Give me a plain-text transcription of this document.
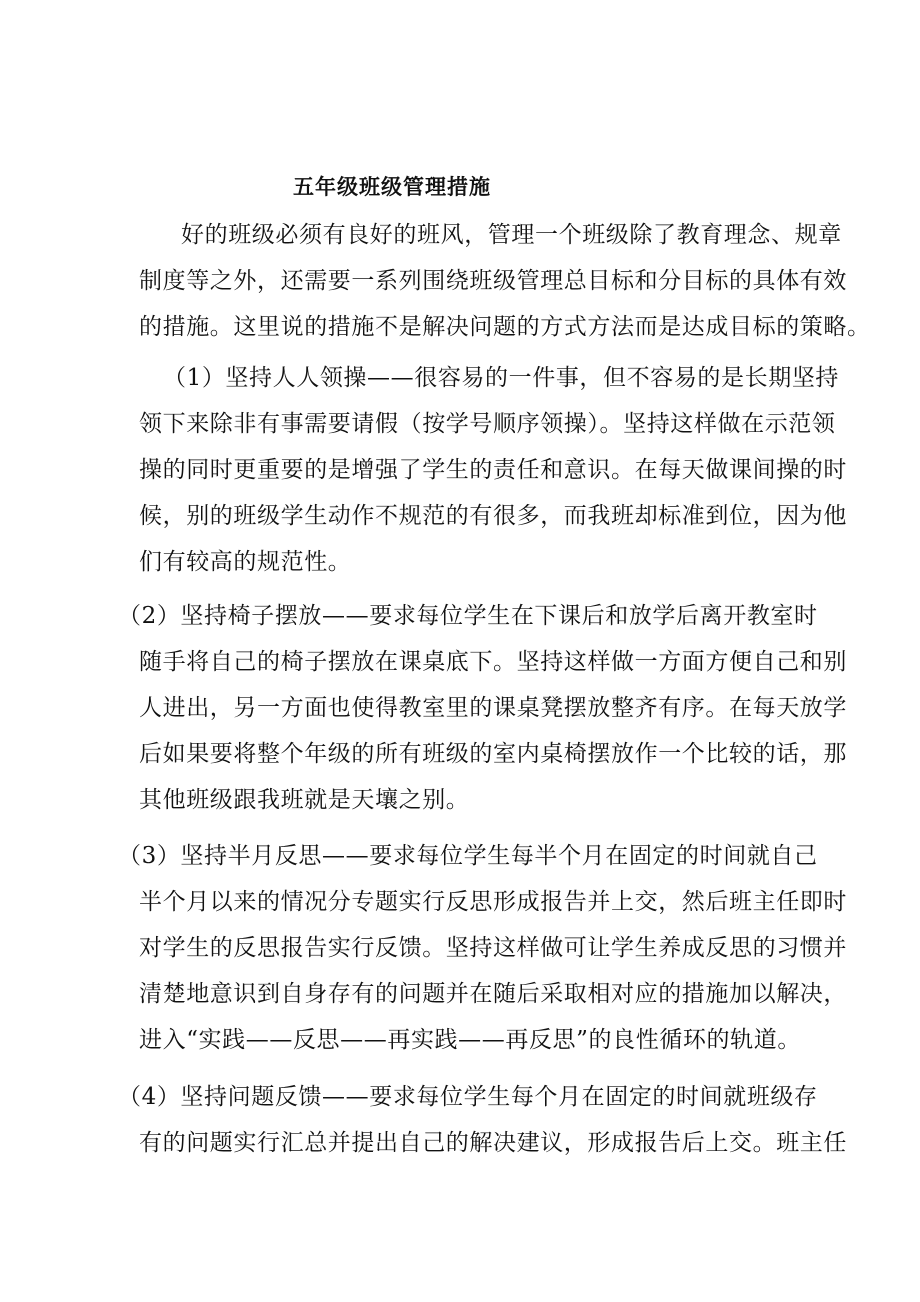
五年级班级管理措施
好的班级必须有良好的班风，管理一个班级除了教育理念、规章
制度等之外，还需要一系列围绕班级管理总目标和分目标的具体有效
的措施。这里说的措施不是解决问题的方式方法而是达成目标的策略。
（1）坚持人人领操——很容易的一件事，但不容易的是长期坚持
领下来除非有事需要请假（按学号顺序领操）。坚持这样做在示范领
操的同时更重要的是增强了学生的责任和意识。在每天做课间操的时
候，别的班级学生动作不规范的有很多，而我班却标准到位，因为他
们有较高的规范性。
（2）坚持椅子摆放——要求每位学生在下课后和放学后离开教室时
随手将自己的椅子摆放在课桌底下。坚持这样做一方面方便自己和别
人进出，另一方面也使得教室里的课桌凳摆放整齐有序。在每天放学
后如果要将整个年级的所有班级的室内桌椅摆放作一个比较的话，那
其他班级跟我班就是天壤之别。
（3）坚持半月反思——要求每位学生每半个月在固定的时间就自己
半个月以来的情况分专题实行反思形成报告并上交，然后班主任即时
对学生的反思报告实行反馈。坚持这样做可让学生养成反思的习惯并
清楚地意识到自身存有的问题并在随后采取相对应的措施加以解决，
进入“实践——反思——再实践——再反思”的良性循环的轨道。
（4）坚持问题反馈——要求每位学生每个月在固定的时间就班级存
有的问题实行汇总并提出自己的解决建议，形成报告后上交。班主任
